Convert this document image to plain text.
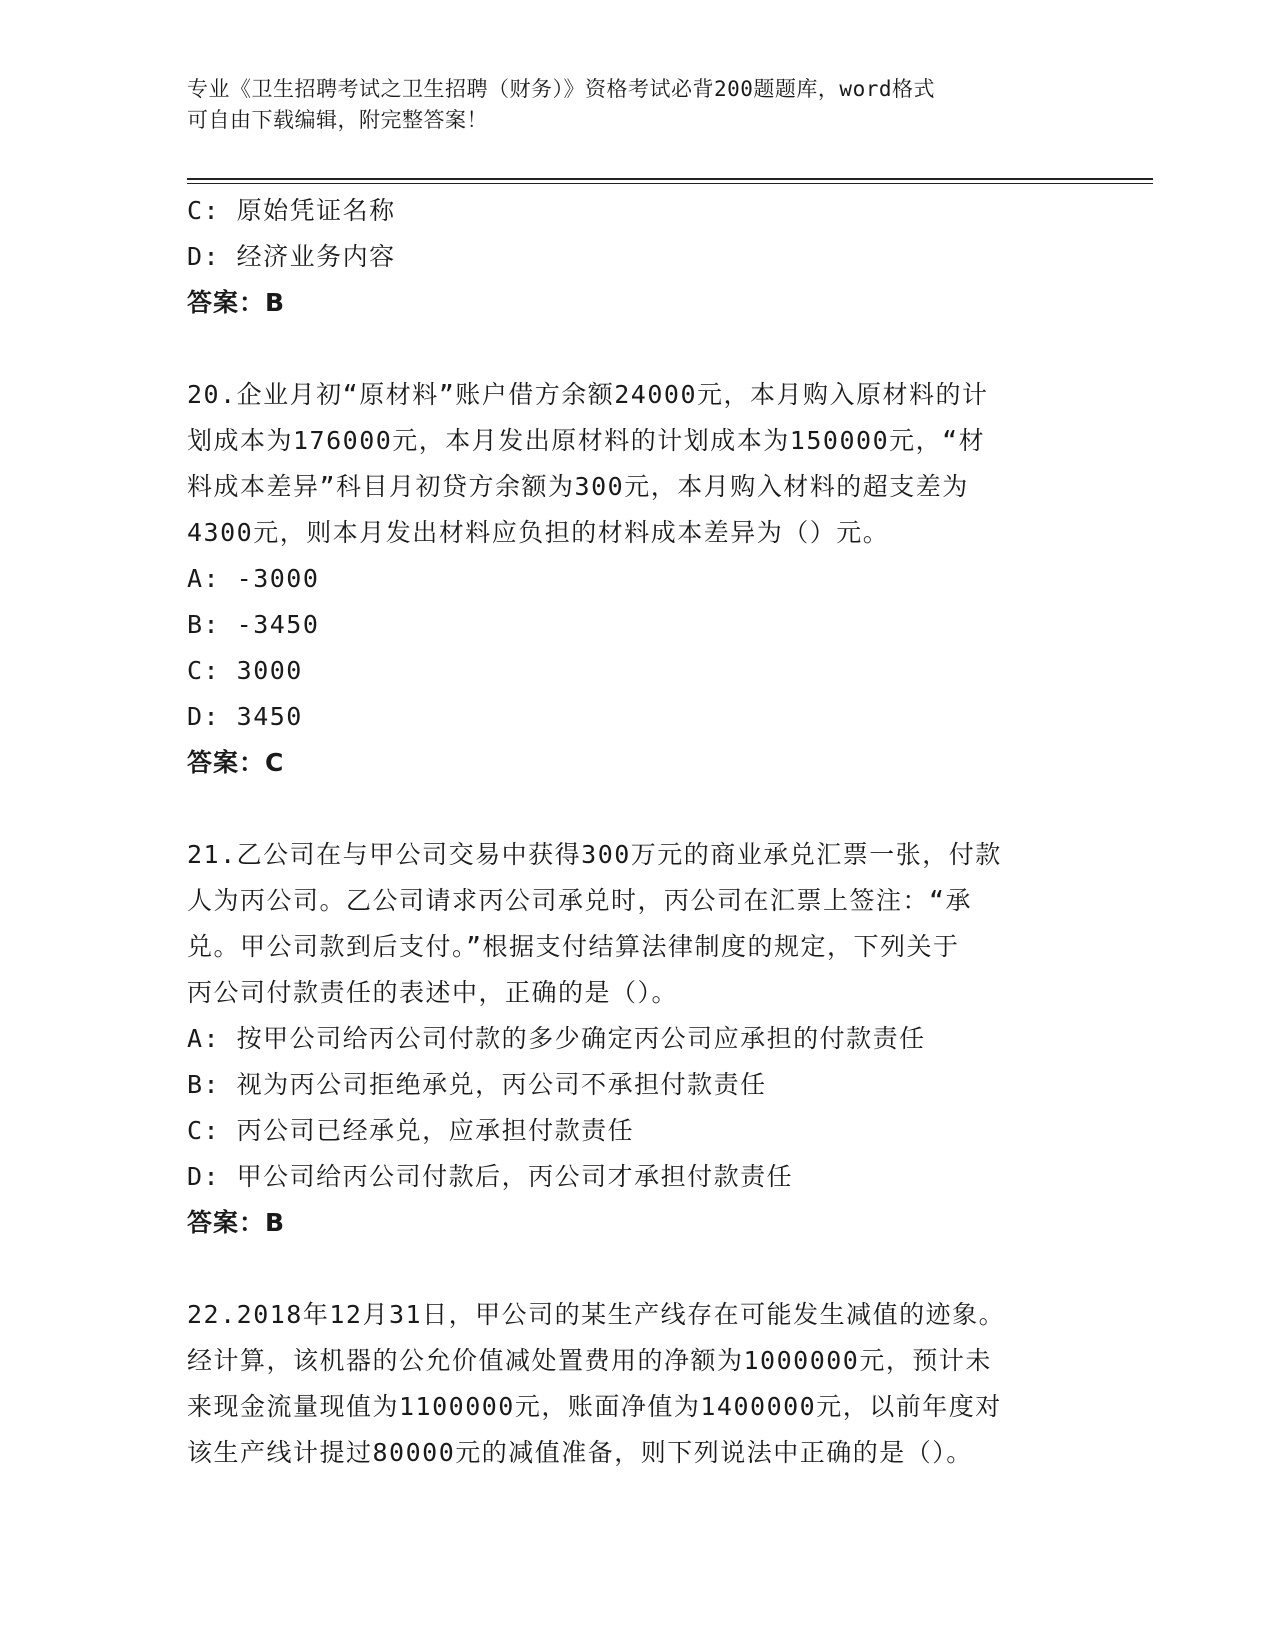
专业《卫生招聘考试之卫生招聘（财务）》资格考试必背200题题库，word格式
可自由下载编辑，附完整答案！
C: 原始凭证名称
D: 经济业务内容
答案：B
20.企业月初“原材料”账户借方余额24000元，本月购入原材料的计
划成本为176000元，本月发出原材料的计划成本为150000元，“材
料成本差异”科目月初贷方余额为300元，本月购入材料的超支差为
4300元，则本月发出材料应负担的材料成本差异为（）元。
A: -3000
B: -3450
C: 3000
D: 3450
答案：C
21.乙公司在与甲公司交易中获得300万元的商业承兑汇票一张，付款
人为丙公司。乙公司请求丙公司承兑时，丙公司在汇票上签注：“承
兑。甲公司款到后支付。”根据支付结算法律制度的规定，下列关于
丙公司付款责任的表述中，正确的是（）。
A: 按甲公司给丙公司付款的多少确定丙公司应承担的付款责任
B: 视为丙公司拒绝承兑，丙公司不承担付款责任
C: 丙公司已经承兑，应承担付款责任
D: 甲公司给丙公司付款后，丙公司才承担付款责任
答案：B
22.2018年12月31日，甲公司的某生产线存在可能发生减值的迹象。
经计算，该机器的公允价值减处置费用的净额为1000000元，预计未
来现金流量现值为1100000元，账面净值为1400000元，以前年度对
该生产线计提过80000元的减值准备，则下列说法中正确的是（）。
